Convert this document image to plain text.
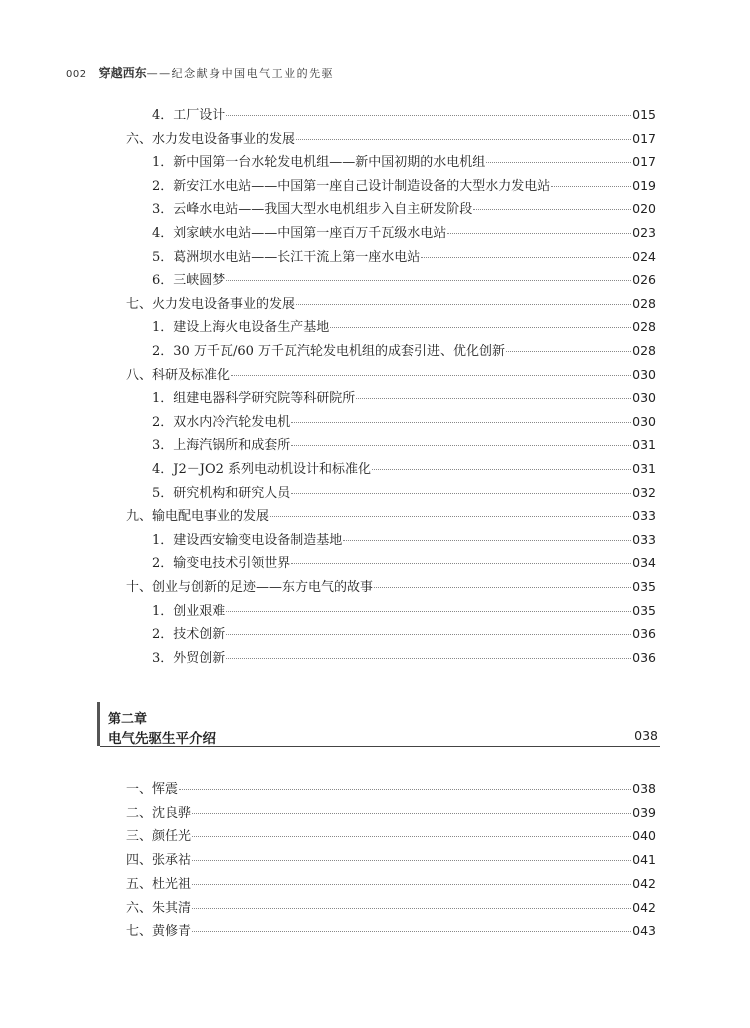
002 穿越西东——纪念献身中国电气工业的先驱
4．工厂设计	015
六、水力发电设备事业的发展	017
1．新中国第一台水轮发电机组——新中国初期的水电机组	017
2．新安江水电站——中国第一座自己设计制造设备的大型水力发电站	019
3．云峰水电站——我国大型水电机组步入自主研发阶段	020
4．刘家峡水电站——中国第一座百万千瓦级水电站	023
5．葛洲坝水电站——长江干流上第一座水电站	024
6．三峡圆梦	026
七、火力发电设备事业的发展	028
1．建设上海火电设备生产基地	028
2．30 万千瓦/60 万千瓦汽轮发电机组的成套引进、优化创新	028
八、科研及标准化	030
1．组建电器科学研究院等科研院所	030
2．双水内冷汽轮发电机	030
3．上海汽锅所和成套所	031
4．J2－JO2 系列电动机设计和标准化	031
5．研究机构和研究人员	032
九、输电配电事业的发展	033
1．建设西安输变电设备制造基地	033
2．输变电技术引领世界	034
十、创业与创新的足迹——东方电气的故事	035
1．创业艰难	035
2．技术创新	036
3．外贸创新	036
第二章
电气先驱生平介绍	038
一、恽震	038
二、沈良骅	039
三、颜任光	040
四、张承祜	041
五、杜光祖	042
六、朱其清	042
七、黄修青	043
